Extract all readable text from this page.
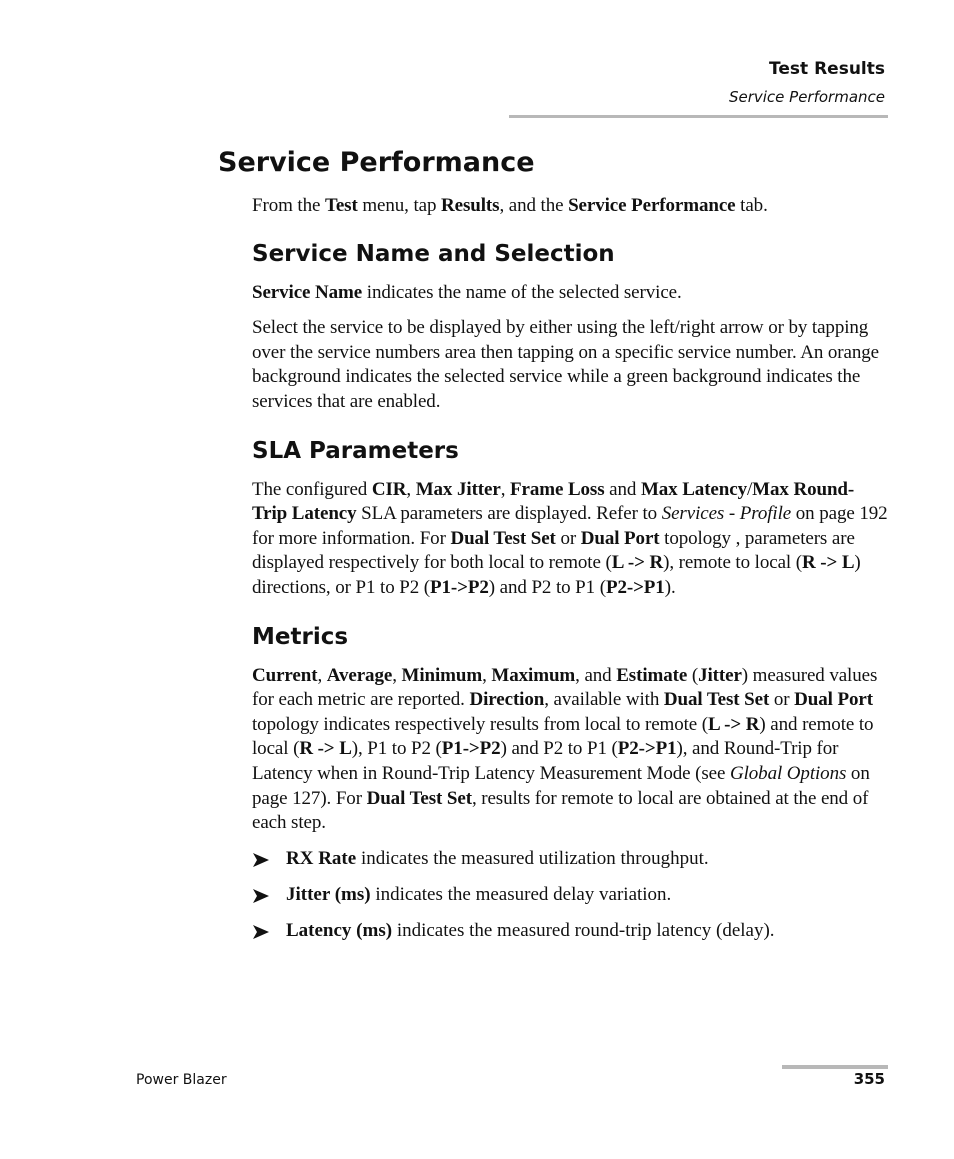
Test Results
Service Performance
Service Performance

From the Test menu, tap Results, and the Service Performance tab.

Service Name and Selection

Service Name indicates the name of the selected service.

Select the service to be displayed by either using the left/right arrow or by tapping over the service numbers area then tapping on a specific service number. An orange background indicates the selected service while a green background indicates the services that are enabled.

SLA Parameters

The configured CIR, Max Jitter, Frame Loss and Max Latency/Max Round-Trip Latency SLA parameters are displayed. Refer to Services - Profile on page 192 for more information. For Dual Test Set or Dual Port topology , parameters are displayed respectively for both local to remote (L -> R), remote to local (R -> L) directions, or P1 to P2 (P1->P2) and P2 to P1 (P2->P1).

Metrics

Current, Average, Minimum, Maximum, and Estimate (Jitter) measured values for each metric are reported. Direction, available with Dual Test Set or Dual Port topology indicates respectively results from local to remote (L -> R) and remote to local (R -> L), P1 to P2 (P1->P2) and P2 to P1 (P2->P1), and Round-Trip for Latency when in Round-Trip Latency Measurement Mode (see Global Options on page 127). For Dual Test Set, results for remote to local are obtained at the end of each step.

RX Rate indicates the measured utilization throughput.
Jitter (ms) indicates the measured delay variation.
Latency (ms) indicates the measured round-trip latency (delay).
Power Blazer	355
